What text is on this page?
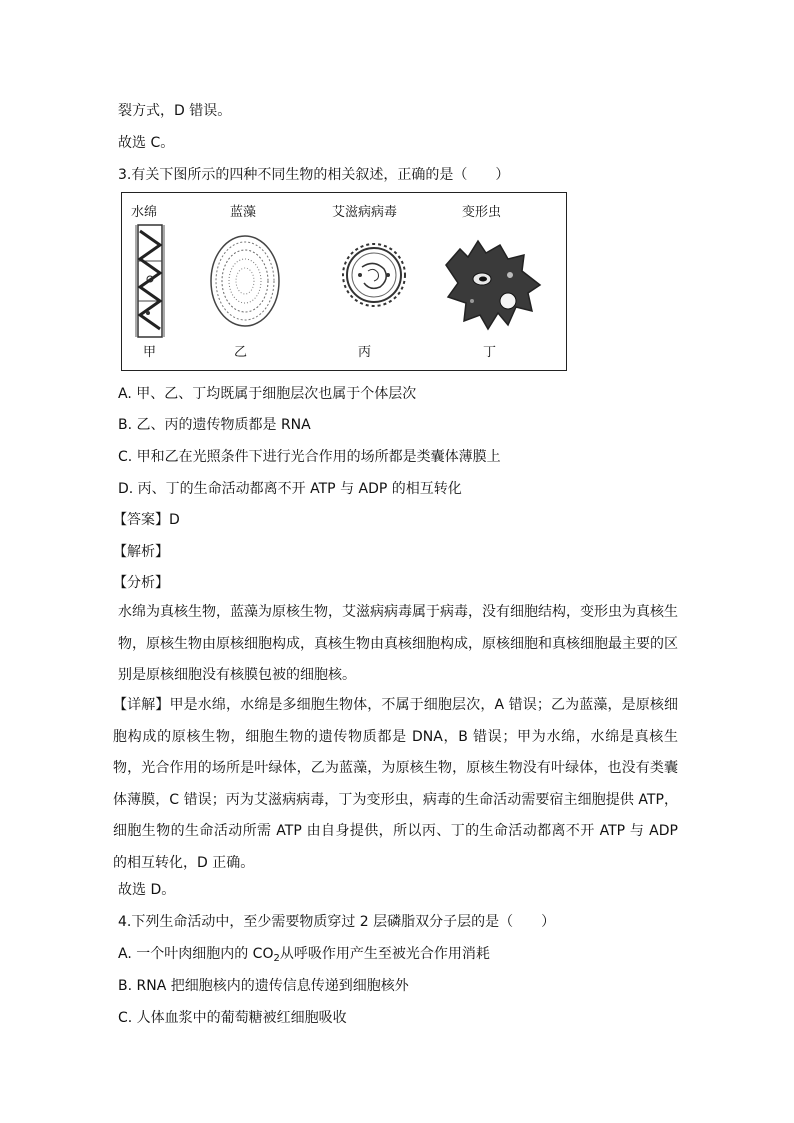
裂方式，D 错误。
故选 C。
3.有关下图所示的四种不同生物的相关叙述，正确的是（　　）
水绵	蓝藻	艾滋病病毒	变形虫
甲	乙	丙	丁
A. 甲、乙、丁均既属于细胞层次也属于个体层次
B. 乙、丙的遗传物质都是 RNA
C. 甲和乙在光照条件下进行光合作用的场所都是类囊体薄膜上
D. 丙、丁的生命活动都离不开 ATP 与 ADP 的相互转化
【答案】D
【解析】
【分析】
水绵为真核生物，蓝藻为原核生物，艾滋病病毒属于病毒，没有细胞结构，变形虫为真核生物，原核生物由原核细胞构成，真核生物由真核细胞构成，原核细胞和真核细胞最主要的区别是原核细胞没有核膜包被的细胞核。
【详解】甲是水绵，水绵是多细胞生物体，不属于细胞层次，A 错误；乙为蓝藻，是原核细胞构成的原核生物，细胞生物的遗传物质都是 DNA，B 错误；甲为水绵，水绵是真核生物，光合作用的场所是叶绿体，乙为蓝藻，为原核生物，原核生物没有叶绿体，也没有类囊体薄膜，C 错误；丙为艾滋病病毒，丁为变形虫，病毒的生命活动需要宿主细胞提供 ATP，细胞生物的生命活动所需 ATP 由自身提供，所以丙、丁的生命活动都离不开 ATP 与 ADP 的相互转化，D 正确。
故选 D。
4.下列生命活动中，至少需要物质穿过 2 层磷脂双分子层的是（　　）
A. 一个叶肉细胞内的 $CO_2$从呼吸作用产生至被光合作用消耗
B. RNA 把细胞核内的遗传信息传递到细胞核外
C. 人体血浆中的葡萄糖被红细胞吸收
